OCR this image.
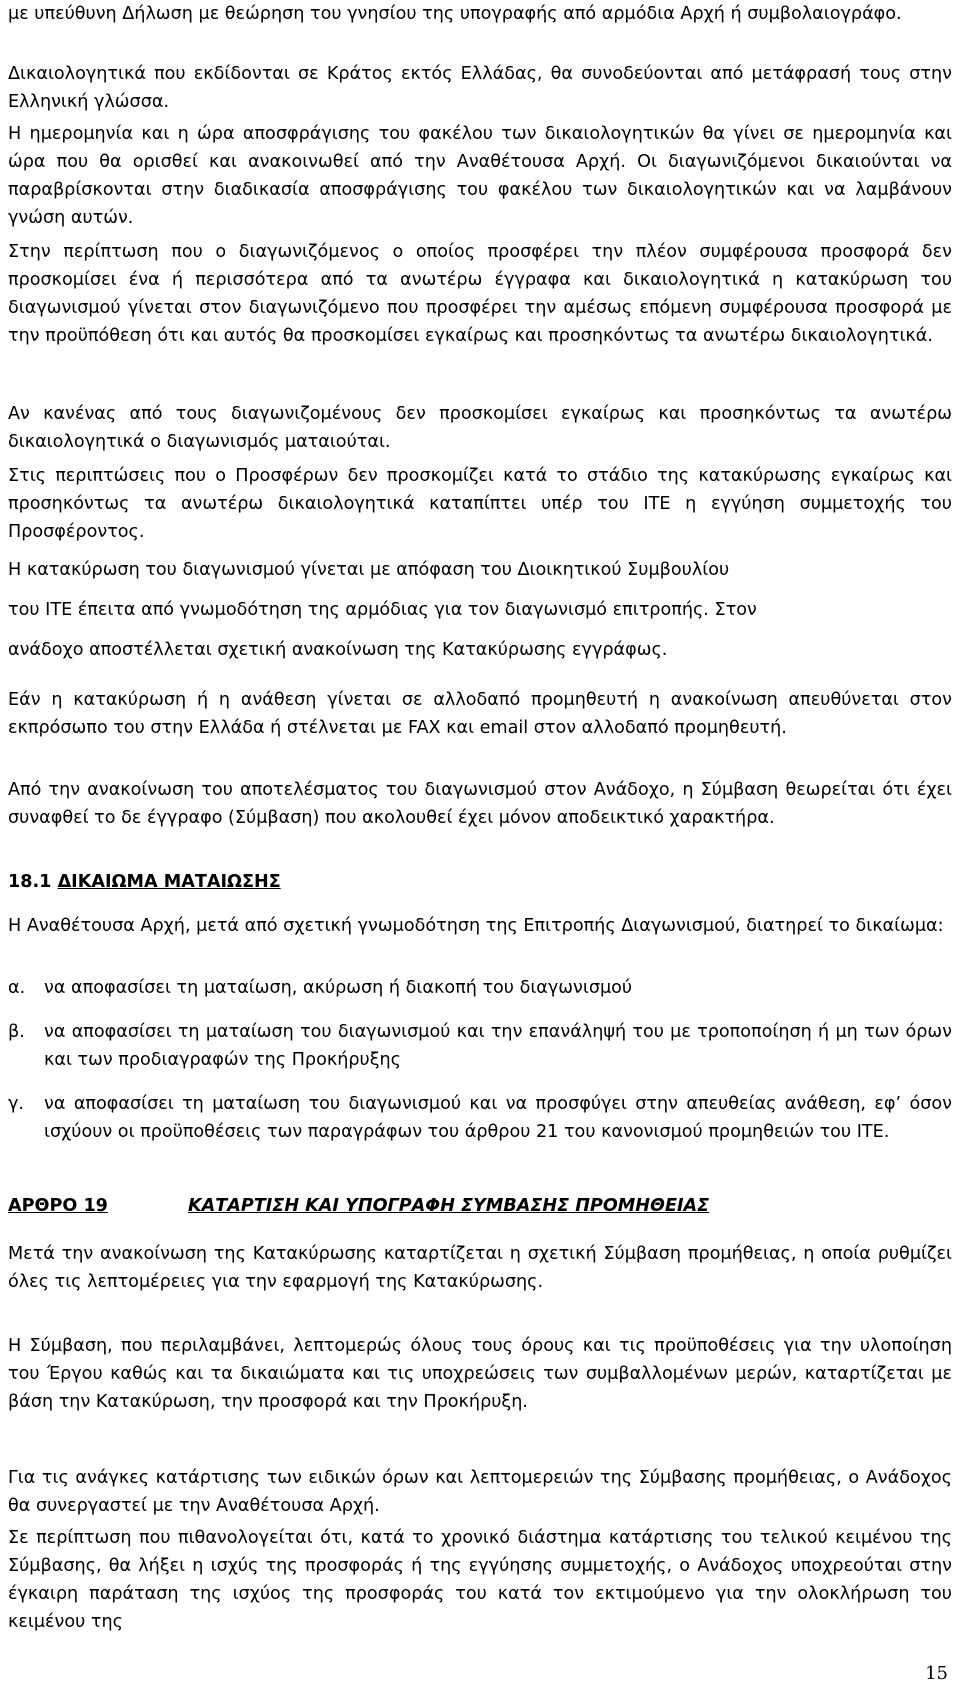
με υπεύθυνη Δήλωση με θεώρηση του γνησίου της υπογραφής από αρμόδια Αρχή ή συμβολαιογράφο.

Δικαιολογητικά που εκδίδονται σε Κράτος εκτός Ελλάδας, θα συνοδεύονται από μετάφρασή τους στην Ελληνική γλώσσα.

Η ημερομηνία και η ώρα αποσφράγισης του φακέλου των δικαιολογητικών θα γίνει σε ημερομηνία και ώρα που θα ορισθεί και ανακοινωθεί από την Αναθέτουσα Αρχή. Οι διαγωνιζόμενοι δικαιούνται να παραβρίσκονται στην διαδικασία αποσφράγισης του φακέλου των δικαιολογητικών και να λαμβάνουν γνώση αυτών.

Στην περίπτωση που ο διαγωνιζόμενος ο οποίος προσφέρει την πλέον συμφέρουσα προσφορά δεν προσκομίσει ένα ή περισσότερα από τα ανωτέρω έγγραφα και δικαιολογητικά η κατακύρωση του διαγωνισμού γίνεται στον διαγωνιζόμενο που προσφέρει την αμέσως επόμενη συμφέρουσα προσφορά με την προϋπόθεση ότι και αυτός θα προσκομίσει εγκαίρως και προσηκόντως τα ανωτέρω δικαιολογητικά.

Αν κανένας από τους διαγωνιζομένους δεν προσκομίσει εγκαίρως και προσηκόντως τα ανωτέρω δικαιολογητικά ο διαγωνισμός ματαιούται.

Στις περιπτώσεις που ο Προσφέρων δεν προσκομίζει κατά το στάδιο της κατακύρωσης εγκαίρως και προσηκόντως τα ανωτέρω δικαιολογητικά καταπίπτει υπέρ του ΙΤΕ η εγγύηση συμμετοχής του Προσφέροντος.

Η κατακύρωση του διαγωνισμού γίνεται με απόφαση του Διοικητικού Συμβουλίου

του ΙΤΕ έπειτα από γνωμοδότηση της αρμόδιας για τον διαγωνισμό επιτροπής. Στον

ανάδοχο αποστέλλεται σχετική ανακοίνωση της Κατακύρωσης εγγράφως.

Εάν η κατακύρωση ή η ανάθεση γίνεται σε αλλοδαπό προμηθευτή η ανακοίνωση απευθύνεται στον εκπρόσωπο του στην Ελλάδα ή στέλνεται με FAX και email στον αλλοδαπό προμηθευτή.

Από την ανακοίνωση του αποτελέσματος του διαγωνισμού στον Ανάδοχο, η Σύμβαση θεωρείται ότι έχει συναφθεί το δε έγγραφο (Σύμβαση) που ακολουθεί έχει μόνον αποδεικτικό χαρακτήρα.

18.1 ΔΙΚΑΙΩΜΑ ΜΑΤΑΙΩΣΗΣ

Η Αναθέτουσα Αρχή, μετά από σχετική γνωμοδότηση της Επιτροπής Διαγωνισμού, διατηρεί το δικαίωμα:

α. να αποφασίσει τη ματαίωση, ακύρωση ή διακοπή του διαγωνισμού
β. να αποφασίσει τη ματαίωση του διαγωνισμού και την επανάληψή του με τροποποίηση ή μη των όρων και των προδιαγραφών της Προκήρυξης
γ. να αποφασίσει τη ματαίωση του διαγωνισμού και να προσφύγει στην απευθείας ανάθεση, εφ’ όσον ισχύουν οι προϋποθέσεις των παραγράφων του άρθρου 21 του κανονισμού προμηθειών του ΙΤΕ.
ΑΡΘΡΟ 19	ΚΑΤΑΡΤΙΣΗ ΚΑΙ ΥΠΟΓΡΑΦΗ ΣΥΜΒΑΣΗΣ ΠΡΟΜΗΘΕΙΑΣ

Μετά την ανακοίνωση της Κατακύρωσης καταρτίζεται η σχετική Σύμβαση προμήθειας, η οποία ρυθμίζει όλες τις λεπτομέρειες για την εφαρμογή της Κατακύρωσης.

Η Σύμβαση, που περιλαμβάνει, λεπτομερώς όλους τους όρους και τις προϋποθέσεις για την υλοποίηση του Έργου καθώς και τα δικαιώματα και τις υποχρεώσεις των συμβαλλομένων μερών, καταρτίζεται με βάση την Κατακύρωση, την προσφορά και την Προκήρυξη.

Για τις ανάγκες κατάρτισης των ειδικών όρων και λεπτομερειών της Σύμβασης προμήθειας, ο Ανάδοχος θα συνεργαστεί με την Αναθέτουσα Αρχή.

Σε περίπτωση που πιθανολογείται ότι, κατά το χρονικό διάστημα κατάρτισης του τελικού κειμένου της Σύμβασης, θα λήξει η ισχύς της προσφοράς ή της εγγύησης συμμετοχής, ο Ανάδοχος υποχρεούται στην έγκαιρη παράταση της ισχύος της προσφοράς του κατά τον εκτιμούμενο για την ολοκλήρωση του κειμένου της

15
